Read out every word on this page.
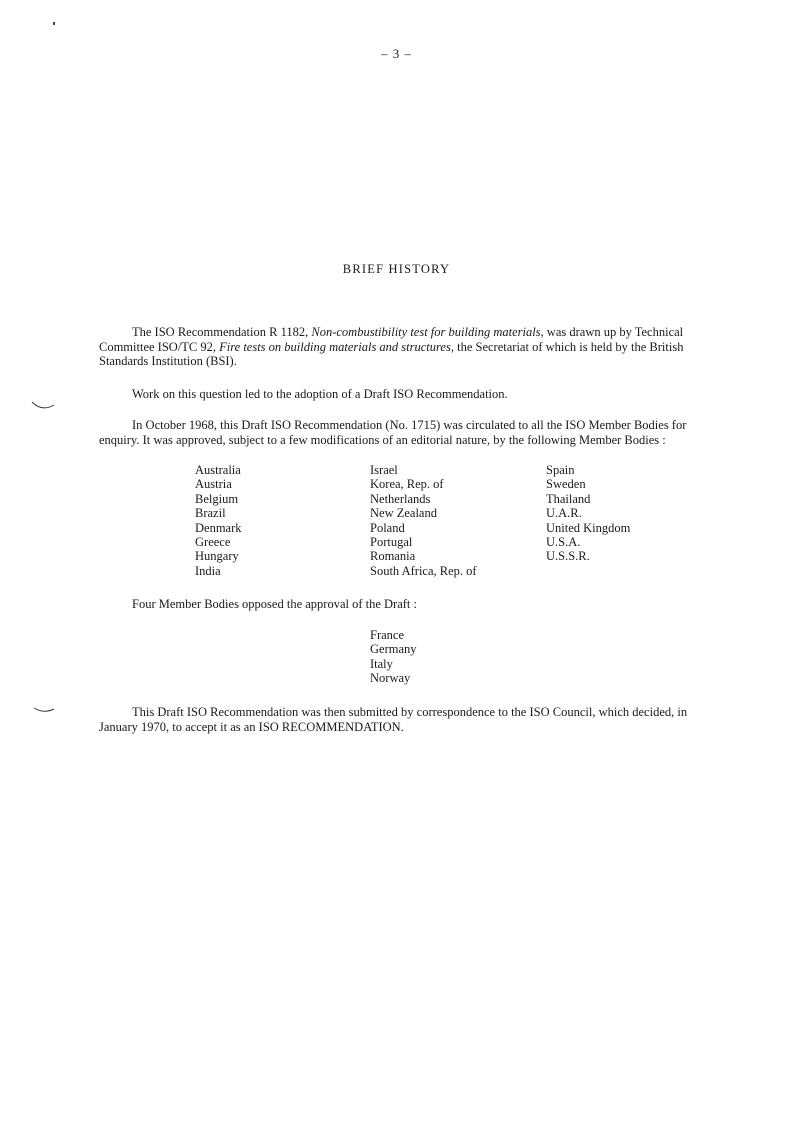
– 3 –
BRIEF HISTORY

The ISO Recommendation R 1182, Non-combustibility test for building materials, was drawn up by Technical Committee ISO/TC 92, Fire tests on building materials and structures, the Secretariat of which is held by the British Standards Institution (BSI).

Work on this question led to the adoption of a Draft ISO Recommendation.

In October 1968, this Draft ISO Recommendation (No. 1715) was circulated to all the ISO Member Bodies for enquiry. It was approved, subject to a few modifications of an editorial nature, by the following Member Bodies :

Australia
Austria
Belgium
Brazil
Denmark
Greece
Hungary
India
Israel
Korea, Rep. of
Netherlands
New Zealand
Poland
Portugal
Romania
South Africa, Rep. of
Spain
Sweden
Thailand
U.A.R.
United Kingdom
U.S.A.
U.S.S.R.

Four Member Bodies opposed the approval of the Draft :

France
Germany
Italy
Norway

This Draft ISO Recommendation was then submitted by correspondence to the ISO Council, which decided, in January 1970, to accept it as an ISO RECOMMENDATION.
